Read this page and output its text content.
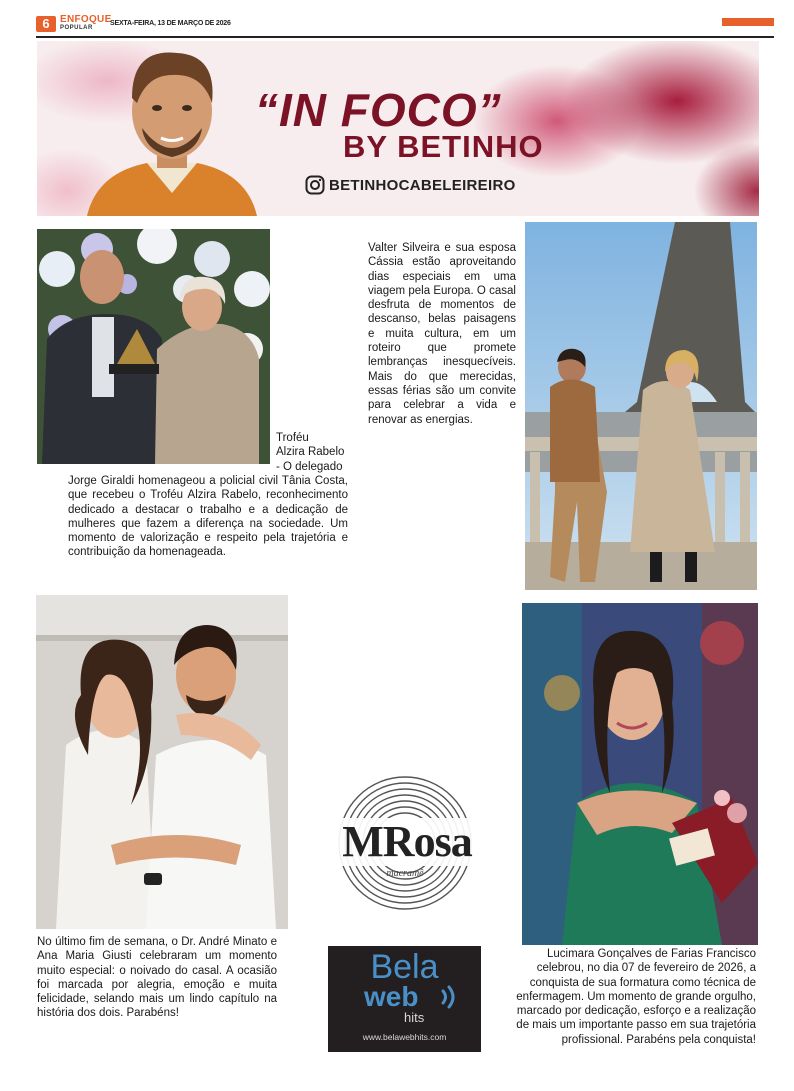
6	ENFOQUE
POPULAR
SEXTA-FEIRA, 13 DE MARÇO DE 2026
“IN FOCO”
BY BETINHO
BETINHOCABELEIREIRO
Troféu
Alzira Rabelo - O delegado
Jorge Giraldi homenageou a policial civil Tânia Costa, que recebeu o Troféu Alzira Rabelo, reconhecimento dedicado a destacar o trabalho e a dedicação de mulheres que fazem a diferença na sociedade. Um momento de valorização e respeito pela trajetória e contribuição da homenageada.
Valter Silveira e sua esposa Cássia estão aproveitando dias especiais em uma viagem pela Europa. O casal desfruta de momentos de descanso, belas paisagens e muita cultura, em um roteiro que promete lembranças inesquecíveis. Mais do que merecidas, essas férias são um convite para celebrar a vida e renovar as energias.
No último fim de semana, o Dr. André Minato e Ana Maria Giusti celebraram um momento muito especial: o noivado do casal. A ocasião foi marcada por alegria, emoção e muita felicidade, selando mais um lindo capítulo na história dos dois. Parabéns!
MRosa
macramê
Bela
web
hits
www.belawebhits.com
Lucimara Gonçalves de Farias Francisco celebrou, no dia 07 de fevereiro de 2026, a conquista de sua formatura como técnica de enfermagem. Um momento de grande orgulho, marcado por dedicação, esforço e a realização de mais um importante passo em sua trajetória profissional. Parabéns pela conquista!
